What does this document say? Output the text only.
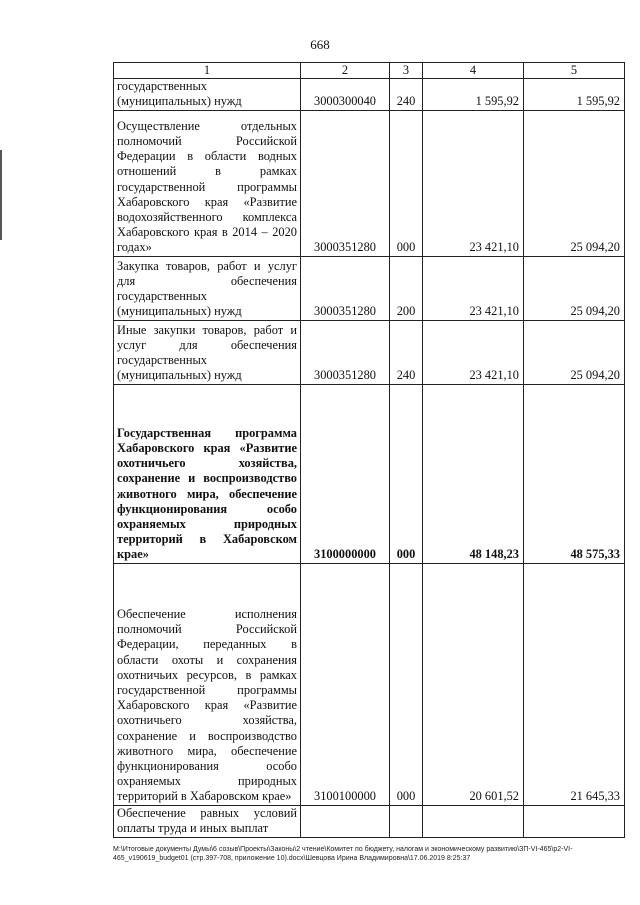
668
1	2	3	4	5
государственных (муниципальных) нужд	3000300040	240	1 595,92	1 595,92
Осуществление отдельных полномочий Российской Федерации в области водных отношений в рамках государственной программы Хабаровского края «Развитие водохозяйственного комплекса Хабаровского края в 2014 – 2020 годах»	3000351280	000	23 421,10	25 094,20
Закупка товаров, работ и услуг для обеспечения государственных (муниципальных) нужд	3000351280	200	23 421,10	25 094,20
Иные закупки товаров, работ и услуг для обеспечения государственных (муниципальных) нужд	3000351280	240	23 421,10	25 094,20
Государственная программа Хабаровского края «Развитие охотничьего хозяйства, сохранение и воспроизводство животного мира, обеспечение функционирования особо охраняемых природных территорий в Хабаровском крае»	3100000000	000	48 148,23	48 575,33
Обеспечение исполнения полномочий Российской Федерации, переданных в области охоты и сохранения охотничьих ресурсов, в рамках государственной программы Хабаровского края «Развитие охотничьего хозяйства, сохранение и воспроизводство животного мира, обеспечение функционирования особо охраняемых природных территорий в Хабаровском крае»	3100100000	000	20 601,52	21 645,33
Обеспечение равных условий оплаты труда и иных выплат				
М:\Итоговые документы Думы\6 созыв\Проекты\Законы\2 чтение\Комитет по бюджету, налогам и экономическому развитию\ЗП-VI-465\р2-VI-465_v190619_budget01 (стр.397-708, приложение 10).docx\Шевцова Ирина Владимировна\17.06.2019 8:25:37
